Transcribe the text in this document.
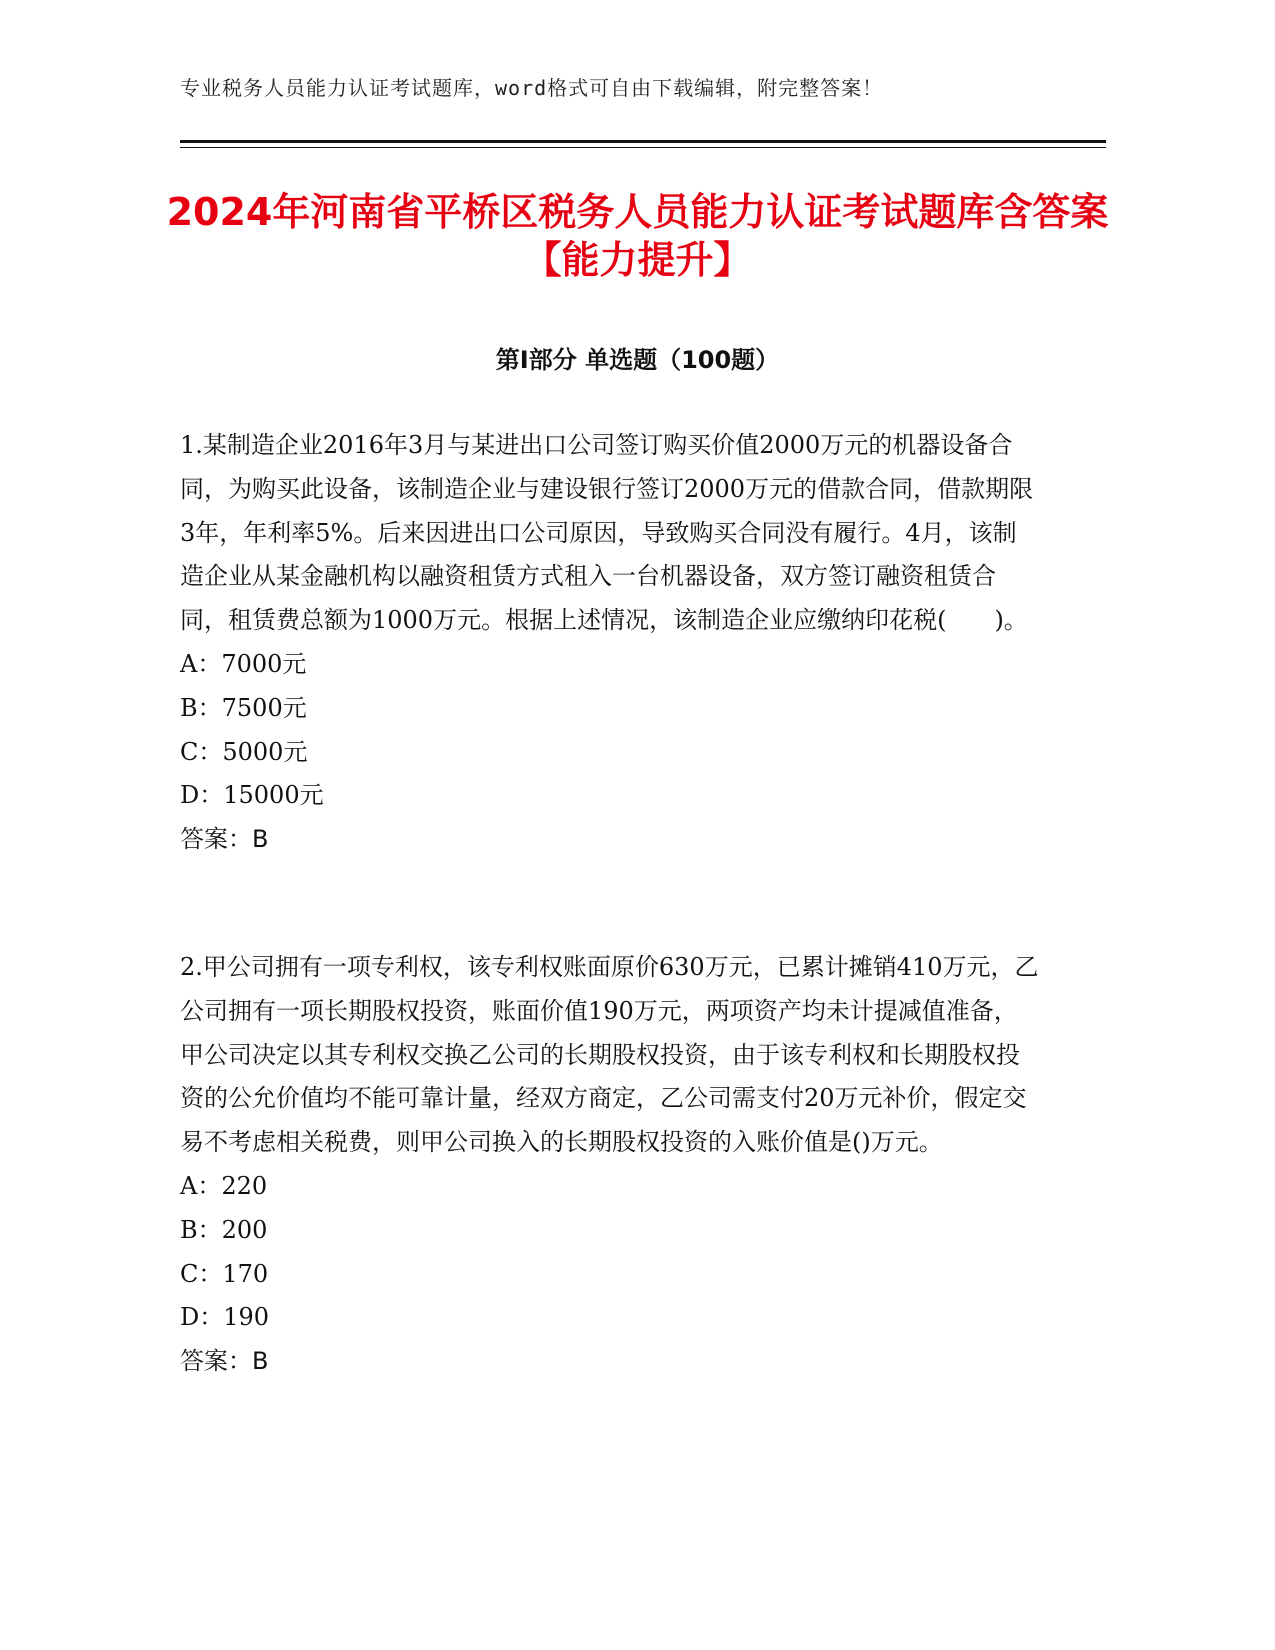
专业税务人员能力认证考试题库，word格式可自由下载编辑，附完整答案！
2024年河南省平桥区税务人员能力认证考试题库含答案【能力提升】
第Ⅰ部分 单选题（100题）

1.某制造企业2016年3月与某进出口公司签订购买价值2000万元的机器设备合同，为购买此设备，该制造企业与建设银行签订2000万元的借款合同，借款期限3年，年利率5%。后来因进出口公司原因，导致购买合同没有履行。4月，该制造企业从某金融机构以融资租赁方式租入一台机器设备，双方签订融资租赁合同，租赁费总额为1000万元。根据上述情况，该制造企业应缴纳印花税(　　)。

A：7000元

B：7500元

C：5000元

D：15000元

答案：B

2.甲公司拥有一项专利权，该专利权账面原价630万元，已累计摊销410万元，乙公司拥有一项长期股权投资，账面价值190万元，两项资产均未计提减值准备，甲公司决定以其专利权交换乙公司的长期股权投资，由于该专利权和长期股权投资的公允价值均不能可靠计量，经双方商定，乙公司需支付20万元补价，假定交易不考虑相关税费，则甲公司换入的长期股权投资的入账价值是()万元。

A：220

B：200

C：170

D：190

答案：B
